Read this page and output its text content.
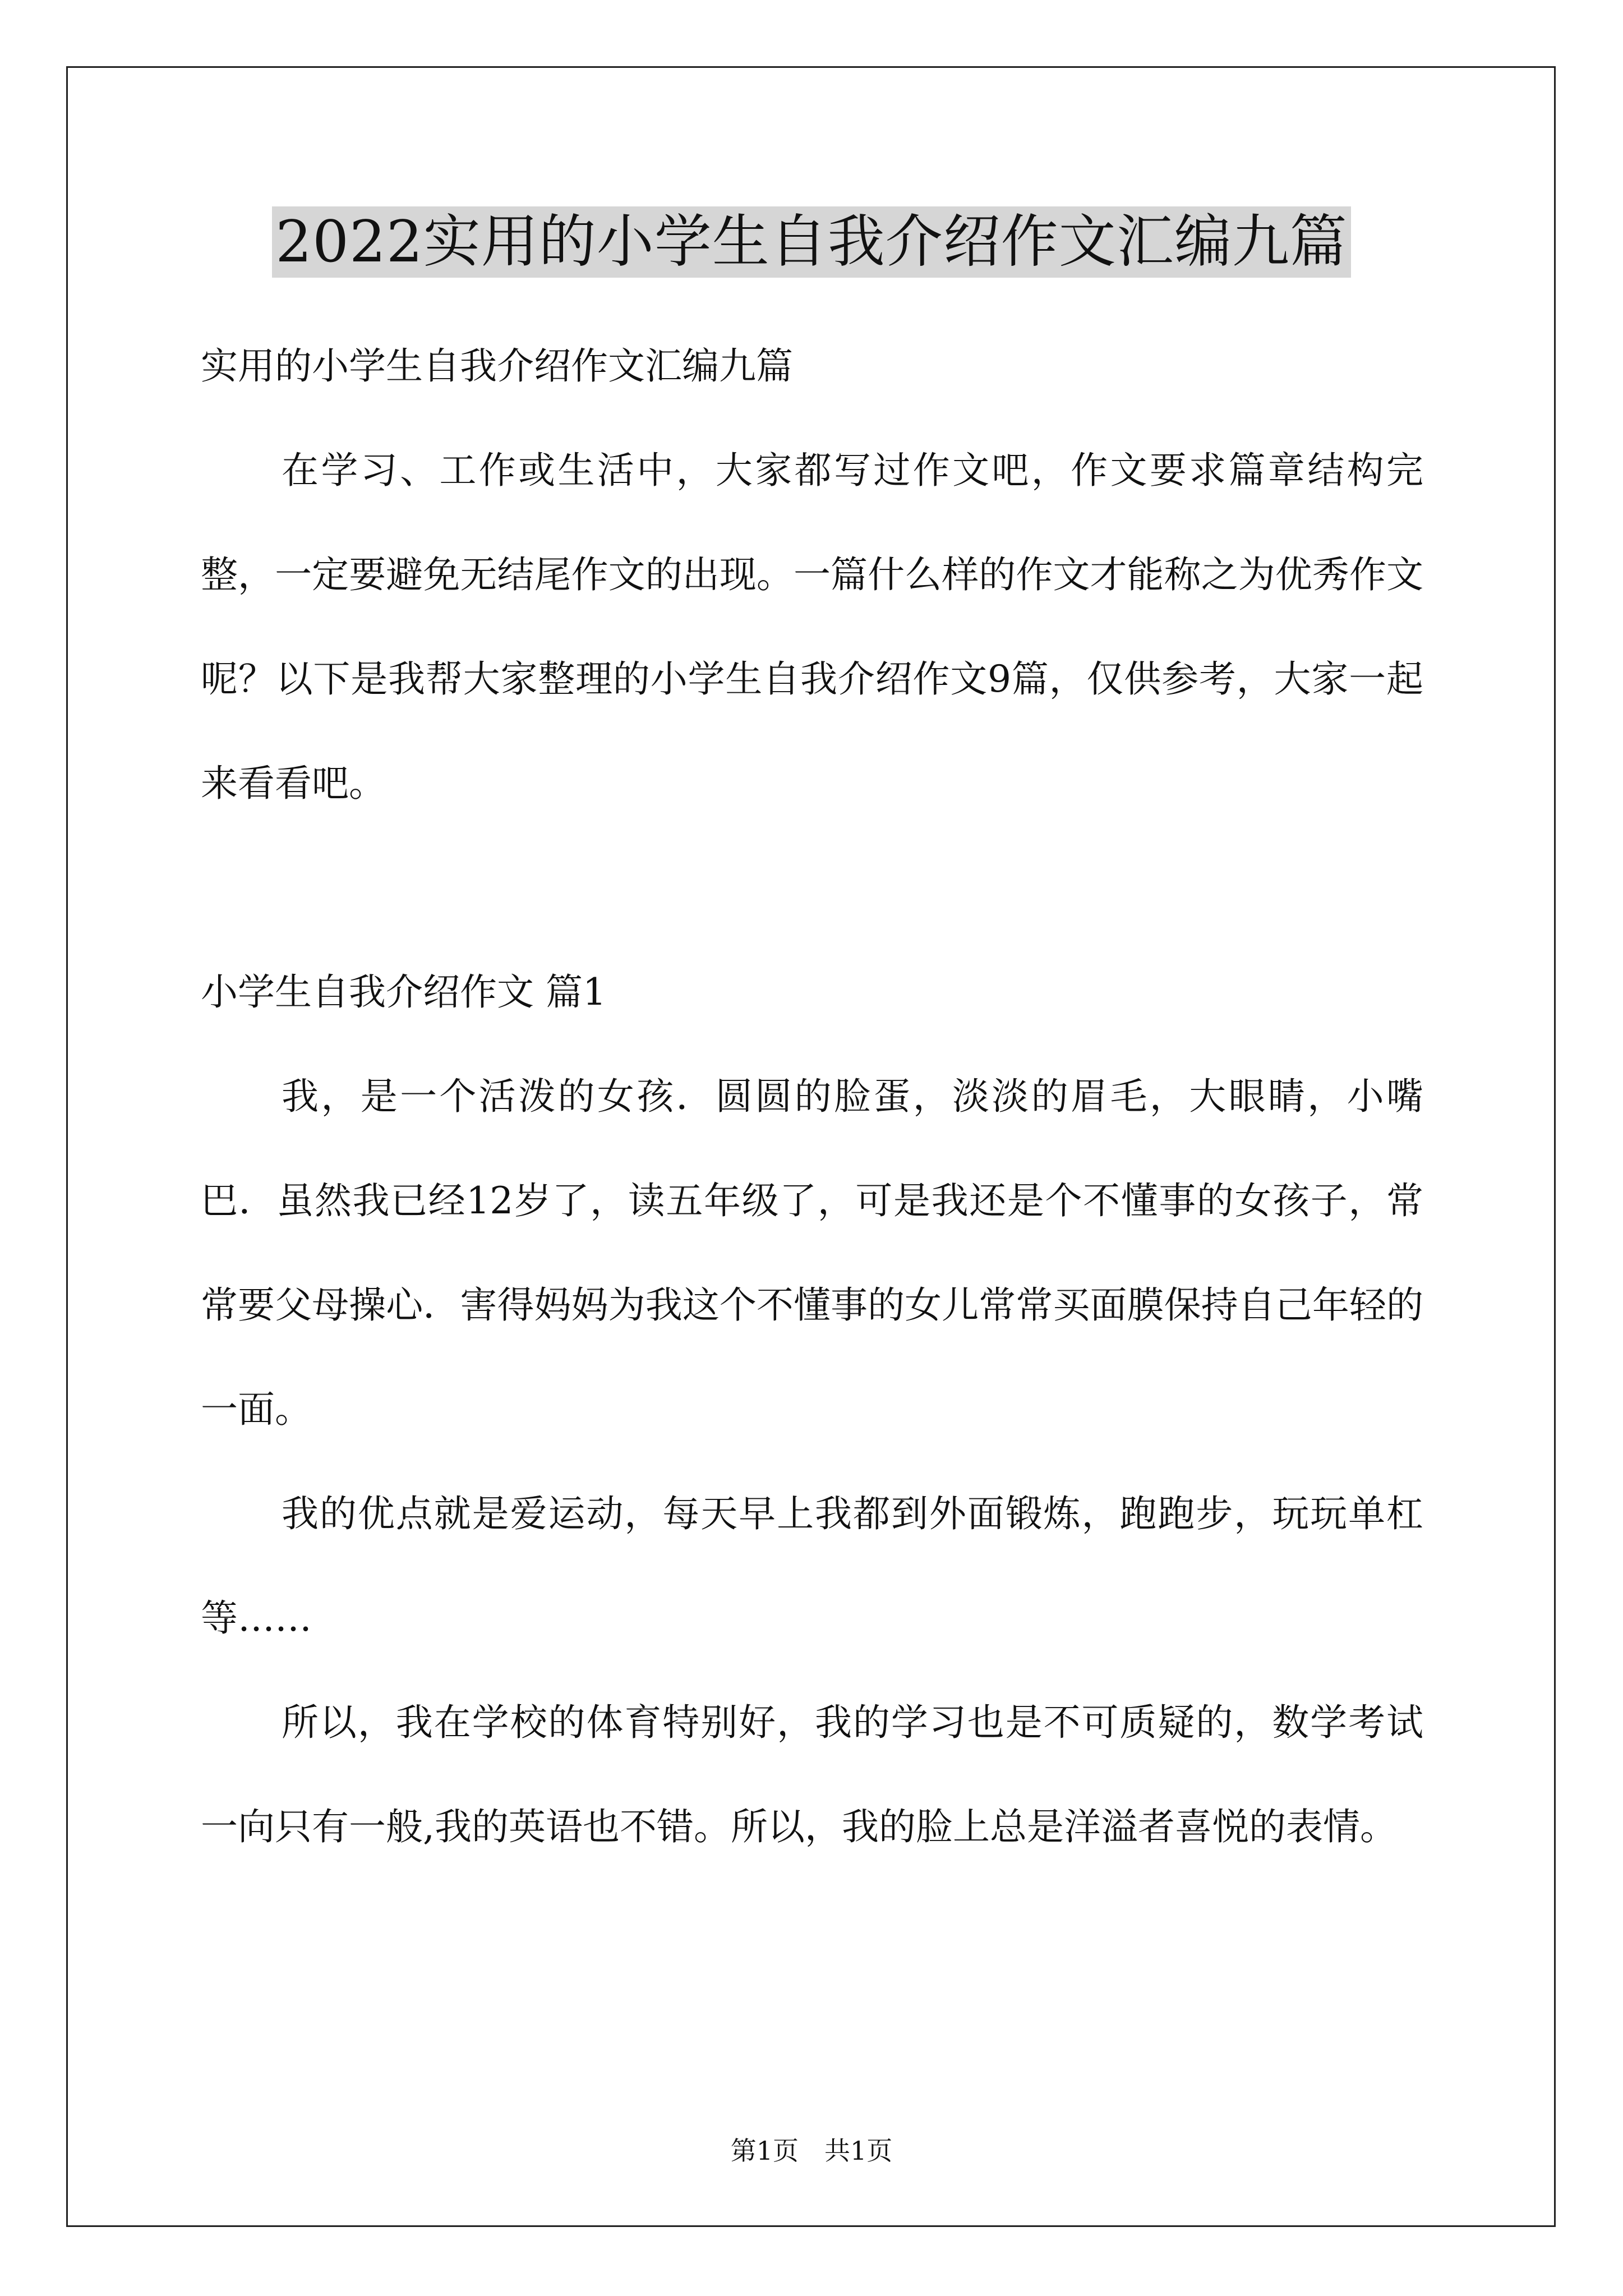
2022实用的小学生自我介绍作文汇编九篇

实用的小学生自我介绍作文汇编九篇

在学习、工作或生活中，大家都写过作文吧，作文要求篇章结构完整，一定要避免无结尾作文的出现。一篇什么样的作文才能称之为优秀作文呢？以下是我帮大家整理的小学生自我介绍作文9篇，仅供参考，大家一起来看看吧。

小学生自我介绍作文 篇1

我，是一个活泼的女孩．圆圆的脸蛋，淡淡的眉毛，大眼睛，小嘴巴．虽然我已经12岁了，读五年级了，可是我还是个不懂事的女孩子，常常要父母操心．害得妈妈为我这个不懂事的女儿常常买面膜保持自己年轻的一面。

我的优点就是爱运动，每天早上我都到外面锻炼，跑跑步，玩玩单杠等……

所以，我在学校的体育特别好，我的学习也是不可质疑的，数学考试一向只有一般,我的英语也不错。所以，我的脸上总是洋溢者喜悦的表情。

第1页　共1页
